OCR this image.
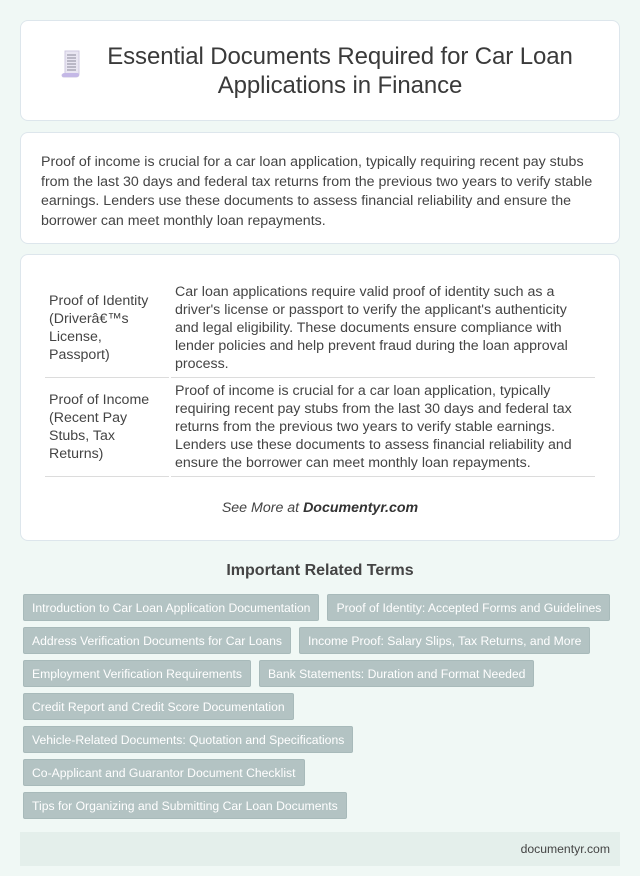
Essential Documents Required for Car Loan Applications in Finance

Proof of income is crucial for a car loan application, typically requiring recent pay stubs from the last 30 days and federal tax returns from the previous two years to verify stable earnings. Lenders use these documents to assess financial reliability and ensure the borrower can meet monthly loan repayments.

Proof of Identity (Driverâ€™s License, Passport)	Car loan applications require valid proof of identity such as a driver's license or passport to verify the applicant's authenticity and legal eligibility. These documents ensure compliance with lender policies and help prevent fraud during the loan approval process.
Proof of Income (Recent Pay Stubs, Tax Returns)	Proof of income is crucial for a car loan application, typically requiring recent pay stubs from the last 30 days and federal tax returns from the previous two years to verify stable earnings. Lenders use these documents to assess financial reliability and ensure the borrower can meet monthly loan repayments.

See More at Documentyr.com

Important Related Terms
Introduction to Car Loan Application Documentation	Proof of Identity: Accepted Forms and Guidelines
Address Verification Documents for Car Loans	Income Proof: Salary Slips, Tax Returns, and More
Employment Verification Requirements	Bank Statements: Duration and Format Needed
Credit Report and Credit Score Documentation
Vehicle-Related Documents: Quotation and Specifications
Co-Applicant and Guarantor Document Checklist
Tips for Organizing and Submitting Car Loan Documents
documentyr.com
